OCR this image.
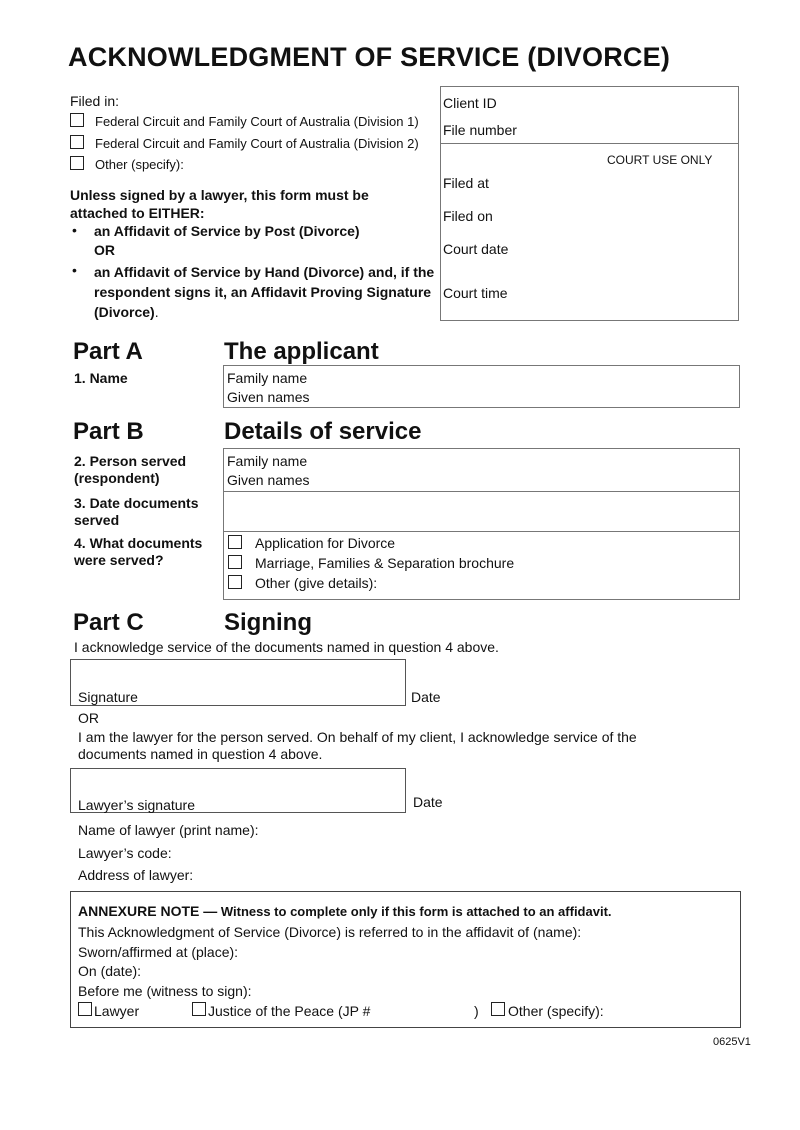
ACKNOWLEDGMENT OF SERVICE (DIVORCE)
Filed in:
Federal Circuit and Family Court of Australia (Division 1)
Federal Circuit and Family Court of Australia (Division 2)
Other (specify):
Unless signed by a lawyer, this form must be attached to EITHER:
• an Affidavit of Service by Post (Divorce)
OR
• an Affidavit of Service by Hand (Divorce) and, if the respondent signs it, an Affidavit Proving Signature (Divorce).
Client ID
File number
COURT USE ONLY
Filed at
Filed on
Court date
Court time
Part A	The applicant
1. Name	Family name
Given names
Part B	Details of service
2. Person served (respondent)
Family name
Given names
3. Date documents served
4. What documents were served?
Application for Divorce
Marriage, Families & Separation brochure
Other (give details):
Part C	Signing
I acknowledge service of the documents named in question 4 above.
Signature	Date
OR
I am the lawyer for the person served. On behalf of my client, I acknowledge service of the documents named in question 4 above.
Lawyer’s signature	Date
Name of lawyer (print name):
Lawyer’s code:
Address of lawyer:
ANNEXURE NOTE — Witness to complete only if this form is attached to an affidavit.
This Acknowledgment of Service (Divorce) is referred to in the affidavit of (name):
Sworn/affirmed at (place):
On (date):
Before me (witness to sign):
Lawyer	Justice of the Peace (JP #	) Other (specify):
0625V1
